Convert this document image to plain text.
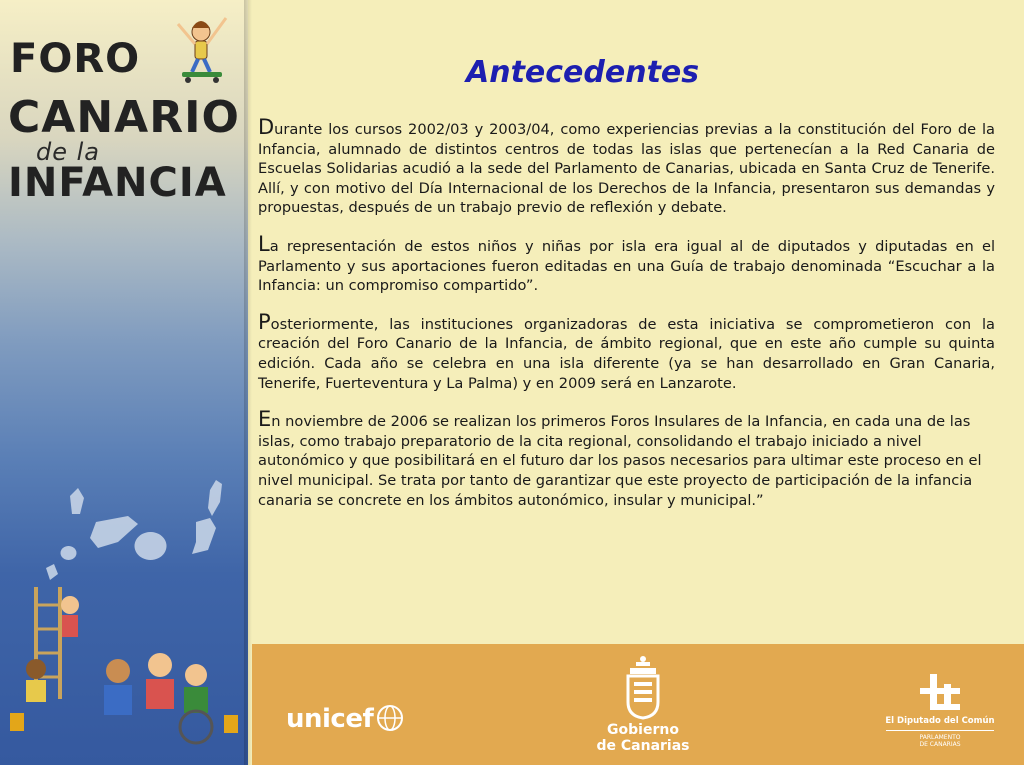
FORO
CANARIO
de la
INFANCIA
Antecedentes

Durante los cursos 2002/03 y 2003/04, como experiencias previas a la constitución del Foro de la Infancia, alumnado de distintos centros de todas las islas que pertenecían a la Red Canaria de Escuelas Solidarias acudió a la sede del Parlamento de Canarias, ubicada en Santa Cruz de Tenerife. Allí, y con motivo del Día Internacional de los Derechos de la Infancia, presentaron sus demandas y propuestas, después de un trabajo previo de reflexión y debate.

La representación de estos niños y niñas por isla era igual al de diputados y diputadas en el Parlamento y sus aportaciones fueron editadas en una Guía de trabajo denominada “Escuchar a la Infancia: un compromiso compartido”.

Posteriormente, las instituciones organizadoras de esta iniciativa se comprometieron con la creación del Foro Canario de la Infancia, de ámbito regional, que en este año cumple su quinta edición. Cada año se celebra en una isla diferente (ya se han desarrollado en Gran Canaria, Tenerife, Fuerteventura y La Palma) y en 2009 será en Lanzarote.

En noviembre de 2006 se realizan los primeros Foros Insulares de la Infancia, en cada una de las islas, como trabajo preparatorio de la cita regional, consolidando el trabajo iniciado a nivel autonómico y que posibilitará en el futuro dar los pasos necesarios para ultimar este proceso en el nivel municipal. Se trata por tanto de garantizar que este proyecto de participación de la infancia canaria se concrete en los ámbitos autonómico, insular y municipal.”

unicef	Gobierno
de Canarias
El Diputado del Común
PARLAMENTO
DE CANARIAS
